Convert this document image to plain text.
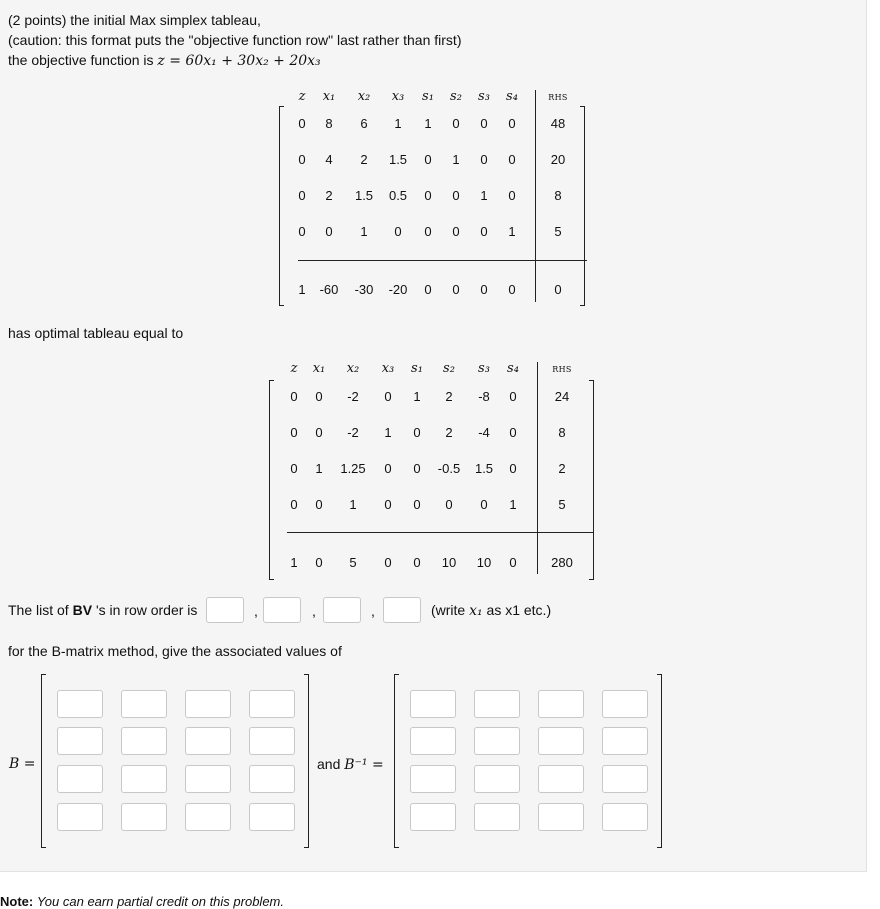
(2 points) the initial Max simplex tableau,
(caution: this format puts the "objective function row" last rather than first)
the objective function is z = 60x₁ + 30x₂ + 20x₃
z x₁ x₂ x₃ s₁ s₂ s₃ s₄	RHS
0 8 6 1 1 0 0 0	48
0 4 2 1.5 0 1 0 0	20
0 2 1.5 0.5 0 0 1 0	8
0 0 1 0 0 0 0 1	5
1 -60 -30 -20 0 0 0 0	0
has optimal tableau equal to
z x₁ x₂ x₃ s₁ s₂ s₃ s₄	RHS
0 0 -2 0 1 2 -8 0	24
0 0 -2 1 0 2 -4 0	8
0 1 1.25 0 0 -0.5 1.5 0	2
0 0 1 0 0 0 0 1	5
1 0 5 0 0 10 10 0	280
The list of BV 's in row order is	,	,	,	(write x₁ as x1 etc.)
for the B-matrix method, give the associated values of
B =	and B⁻¹ =
Note: You can earn partial credit on this problem.
